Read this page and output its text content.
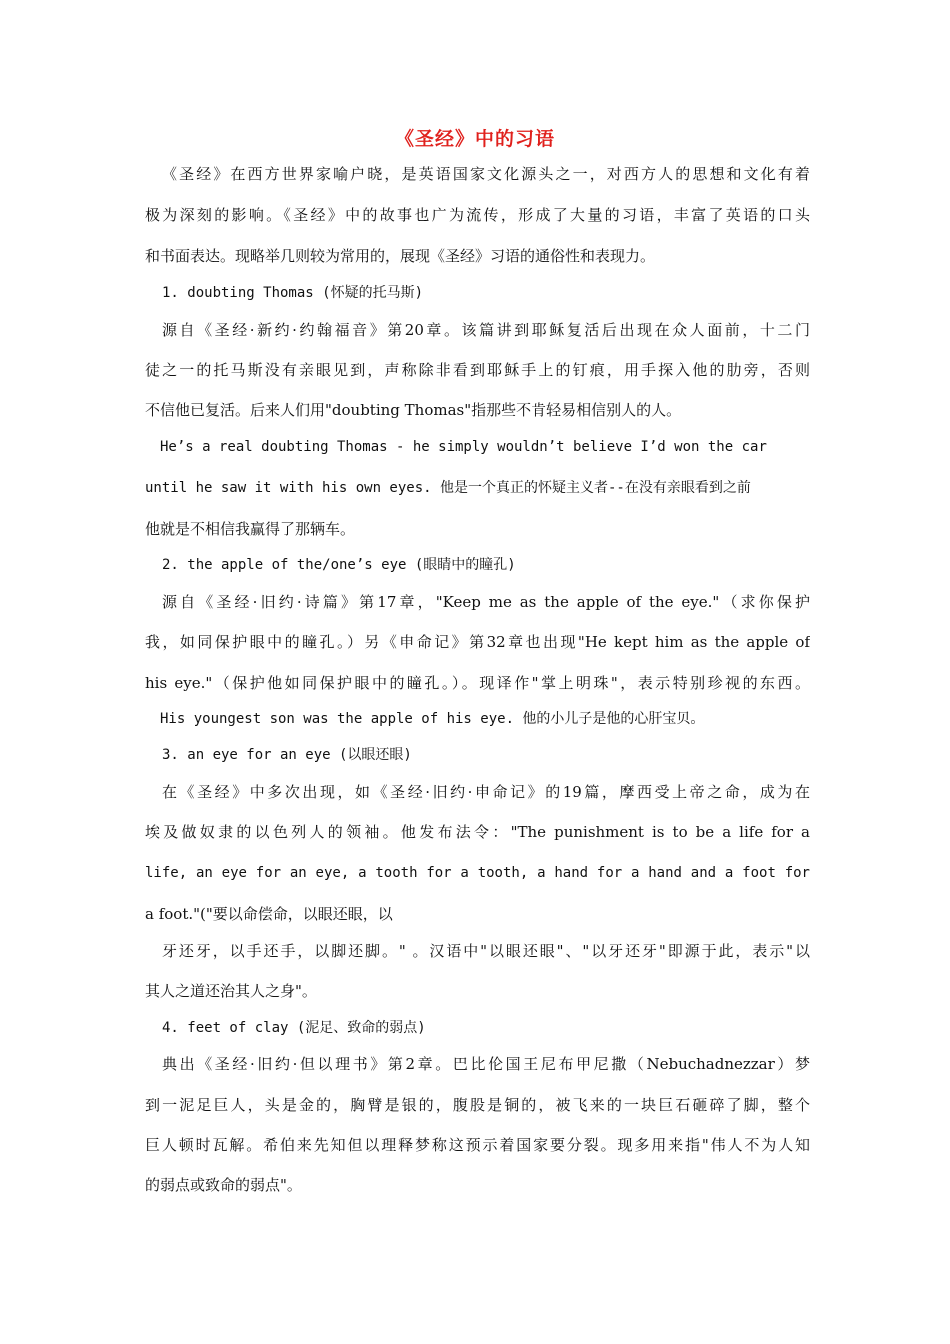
《圣经》中的习语
《圣经》在西方世界家喻户晓，是英语国家文化源头之一，对西方人的思想和文化有着
极为深刻的影响。《圣经》中的故事也广为流传，形成了大量的习语，丰富了英语的口头
和书面表达。现略举几则较为常用的，展现《圣经》习语的通俗性和表现力。
1. doubting Thomas (怀疑的托马斯)
源自《圣经·新约·约翰福音》第20章。该篇讲到耶稣复活后出现在众人面前，十二门
徒之一的托马斯没有亲眼见到，声称除非看到耶稣手上的钉痕，用手探入他的肋旁，否则
不信他已复活。后来人们用"doubting Thomas"指那些不肯轻易相信别人的人。
He’s a real doubting Thomas - he simply wouldn’t believe I’d won the car
until he saw it with his own eyes. 他是一个真正的怀疑主义者--在没有亲眼看到之前
他就是不相信我赢得了那辆车。
2. the apple of the/one’s eye (眼睛中的瞳孔)
源自《圣经·旧约·诗篇》第17章，"Keep me as the apple of the eye."（求你保护
我，如同保护眼中的瞳孔。）另《申命记》第32章也出现"He kept him as the apple of
his eye."（保护他如同保护眼中的瞳孔。）。现译作"掌上明珠"，表示特别珍视的东西。
His youngest son was the apple of his eye. 他的小儿子是他的心肝宝贝。
3. an eye for an eye (以眼还眼)
在《圣经》中多次出现，如《圣经·旧约·申命记》的19篇，摩西受上帝之命，成为在
埃及做奴隶的以色列人的领袖。他发布法令："The punishment is to be a life for a
life, an eye for an eye, a tooth for a tooth, a hand for a hand and a foot for
a foot."("要以命偿命，以眼还眼，以
牙还牙，以手还手，以脚还脚。" 。汉语中"以眼还眼"、"以牙还牙"即源于此，表示"以
其人之道还治其人之身"。
4. feet of clay (泥足、致命的弱点)
典出《圣经·旧约·但以理书》第2章。巴比伦国王尼布甲尼撒（Nebuchadnezzar）梦
到一泥足巨人，头是金的，胸臂是银的，腹股是铜的，被飞来的一块巨石砸碎了脚，整个
巨人顿时瓦解。希伯来先知但以理释梦称这预示着国家要分裂。现多用来指"伟人不为人知
的弱点或致命的弱点"。
